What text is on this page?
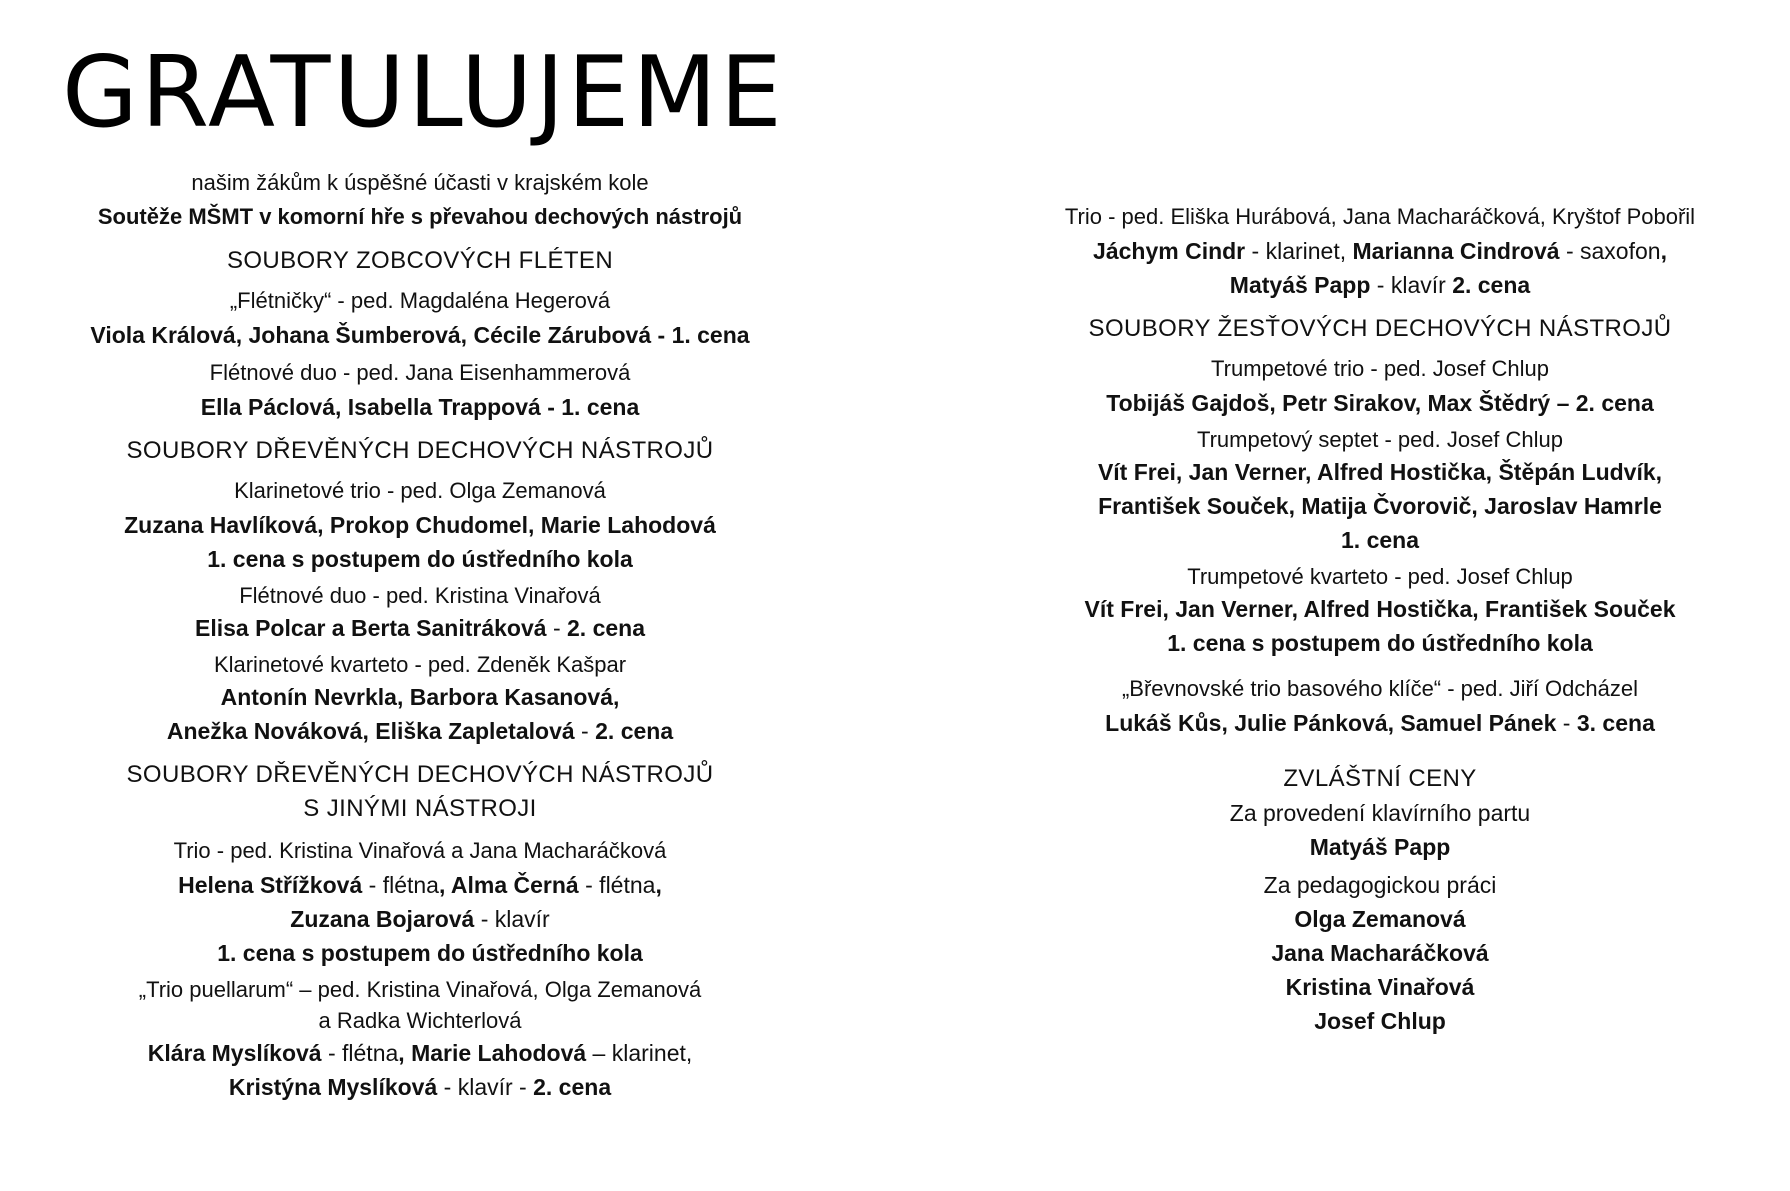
GRATULUJEME

našim žákům k úspěšné účasti v krajském kole

Soutěže MŠMT v komorní hře s převahou dechových nástrojů

SOUBORY ZOBCOVÝCH FLÉTEN

„Flétničky“ - ped. Magdaléna Hegerová

Viola Králová, Johana Šumberová, Cécile Zárubová - 1. cena

Flétnové duo - ped. Jana Eisenhammerová

Ella Páclová, Isabella Trappová - 1. cena

SOUBORY DŘEVĚNÝCH DECHOVÝCH NÁSTROJŮ

Klarinetové trio - ped. Olga Zemanová

Zuzana Havlíková, Prokop Chudomel, Marie Lahodová

1. cena s postupem do ústředního kola

Flétnové duo - ped. Kristina Vinařová

Elisa Polcar a Berta Sanitráková - 2. cena

Klarinetové kvarteto - ped. Zdeněk Kašpar

Antonín Nevrkla, Barbora Kasanová,

Anežka Nováková, Eliška Zapletalová - 2. cena

SOUBORY DŘEVĚNÝCH DECHOVÝCH NÁSTROJŮ

S JINÝMI NÁSTROJI

Trio - ped. Kristina Vinařová a Jana Macharáčková

Helena Střížková - flétna, Alma Černá - flétna,

Zuzana Bojarová - klavír

1. cena s postupem do ústředního kola

„Trio puellarum“ – ped. Kristina Vinařová, Olga Zemanová

a Radka Wichterlová

Klára Myslíková - flétna, Marie Lahodová – klarinet,

Kristýna Myslíková - klavír - 2. cena

Trio - ped. Eliška Hurábová, Jana Macharáčková, Kryštof Pobořil

Jáchym Cindr - klarinet, Marianna Cindrová - saxofon,

Matyáš Papp - klavír 2. cena

SOUBORY ŽESŤOVÝCH DECHOVÝCH NÁSTROJŮ

Trumpetové trio - ped. Josef Chlup

Tobijáš Gajdoš, Petr Sirakov, Max Štědrý – 2. cena

Trumpetový septet - ped. Josef Chlup

Vít Frei, Jan Verner, Alfred Hostička, Štěpán Ludvík,

František Souček, Matija Čvorovič, Jaroslav Hamrle

1. cena

Trumpetové kvarteto - ped. Josef Chlup

Vít Frei, Jan Verner, Alfred Hostička, František Souček

1. cena s postupem do ústředního kola

„Břevnovské trio basového klíče“ - ped. Jiří Odcházel

Lukáš Kůs, Julie Pánková, Samuel Pánek - 3. cena

ZVLÁŠTNÍ CENY

Za provedení klavírního partu

Matyáš Papp

Za pedagogickou práci

Olga Zemanová

Jana Macharáčková

Kristina Vinařová

Josef Chlup
